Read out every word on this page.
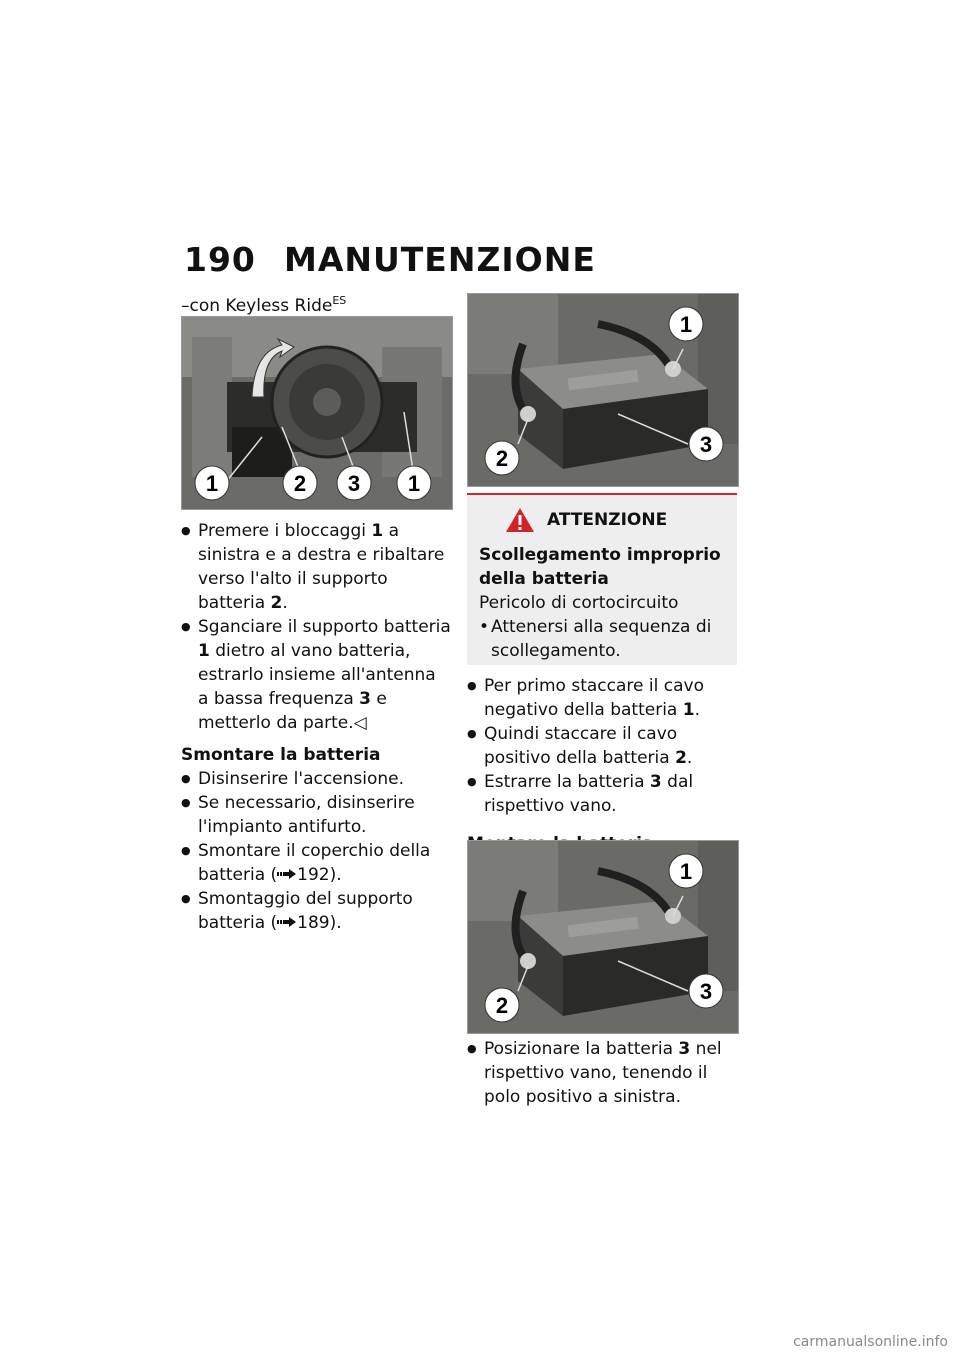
190 MANUTENZIONE
–con Keyless Ride$^{ES}$
1	2 3 1
● Premere i bloccaggi 1 a sinistra e a destra e ribaltare verso l'alto il supporto batteria 2.
● Sganciare il supporto batteria 1 dietro al vano batteria, estrarlo insieme all'antenna a bassa frequenza 3 e metterlo da parte.◁
Smontare la batteria
● Disinserire l'accensione.
● Se necessario, disinserire l'impianto antifurto.
● Smontare il coperchio della batteria ( 192).
● Smontaggio del supporto batteria ( 189).
1
2
3
ATTENZIONE
Scollegamento improprio della batteria
Pericolo di cortocircuito
• Attenersi alla sequenza di scollegamento.
● Per primo staccare il cavo negativo della batteria 1.
● Quindi staccare il cavo positivo della batteria 2.
● Estrarre la batteria 3 dal rispettivo vano.
1
2
3
● Posizionare la batteria 3 nel rispettivo vano, tenendo il polo positivo a sinistra.
carmanualsonline.info
